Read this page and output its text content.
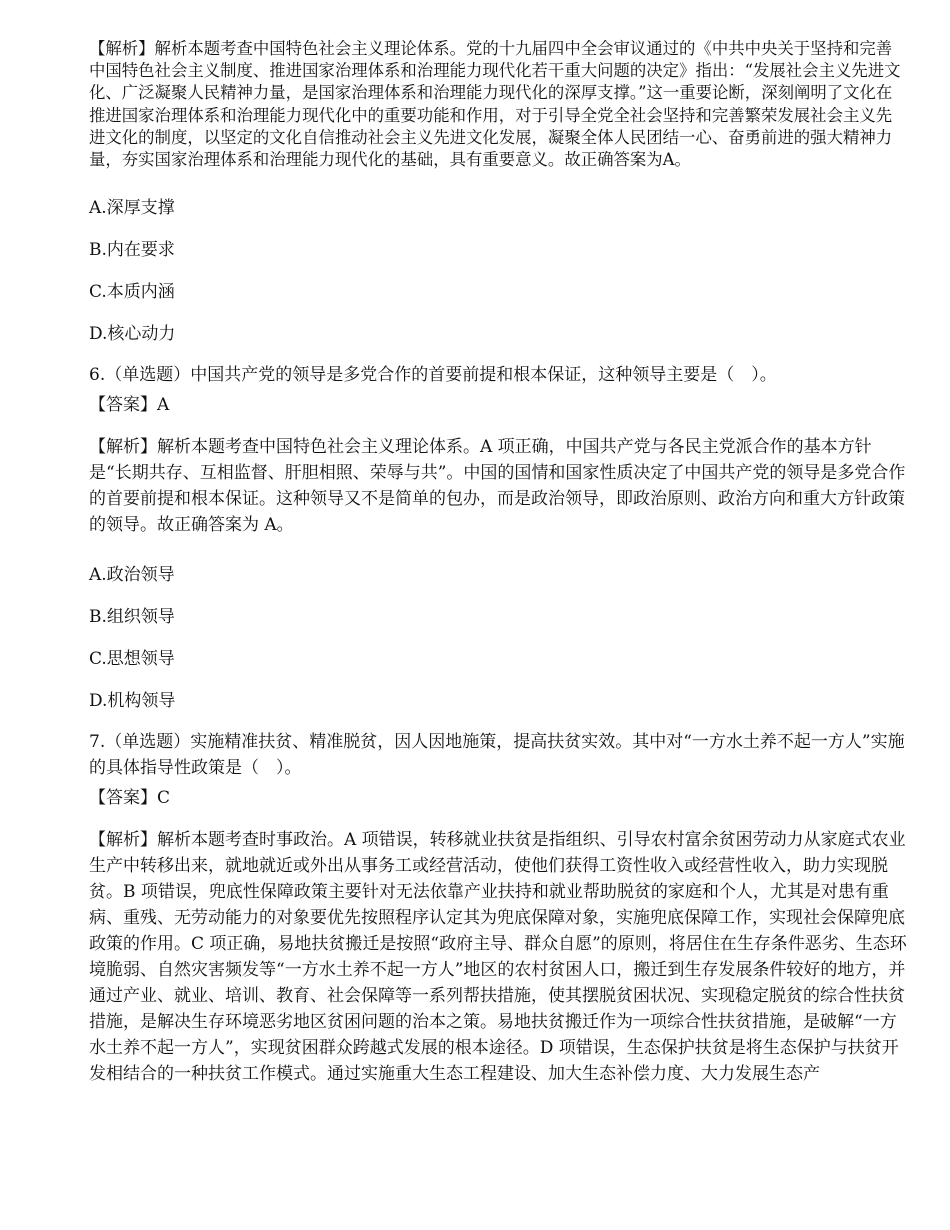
【解析】解析本题考查中国特色社会主义理论体系。党的十九届四中全会审议通过的《中共中央关于坚持和完善中国特色社会主义制度、推进国家治理体系和治理能力现代化若干重大问题的决定》指出：“发展社会主义先进文化、广泛凝聚人民精神力量，是国家治理体系和治理能力现代化的深厚支撑。”这一重要论断，深刻阐明了文化在推进国家治理体系和治理能力现代化中的重要功能和作用，对于引导全党全社会坚持和完善繁荣发展社会主义先进文化的制度，以坚定的文化自信推动社会主义先进文化发展，凝聚全体人民团结一心、奋勇前进的强大精神力量，夯实国家治理体系和治理能力现代化的基础，具有重要意义。故正确答案为A。

A.深厚支撑

B.内在要求

C.本质内涵

D.核心动力

6.（单选题）中国共产党的领导是多党合作的首要前提和根本保证，这种领导主要是（　）。

【答案】A

【解析】解析本题考查中国特色社会主义理论体系。A 项正确，中国共产党与各民主党派合作的基本方针是“长期共存、互相监督、肝胆相照、荣辱与共”。中国的国情和国家性质决定了中国共产党的领导是多党合作的首要前提和根本保证。这种领导又不是简单的包办，而是政治领导，即政治原则、政治方向和重大方针政策的领导。故正确答案为 A。

A.政治领导

B.组织领导

C.思想领导

D.机构领导

7.（单选题）实施精准扶贫、精准脱贫，因人因地施策，提高扶贫实效。其中对“一方水土养不起一方人”实施的具体指导性政策是（　）。

【答案】C

【解析】解析本题考查时事政治。A 项错误，转移就业扶贫是指组织、引导农村富余贫困劳动力从家庭式农业生产中转移出来，就地就近或外出从事务工或经营活动，使他们获得工资性收入或经营性收入，助力实现脱贫。B 项错误，兜底性保障政策主要针对无法依靠产业扶持和就业帮助脱贫的家庭和个人，尤其是对患有重病、重残、无劳动能力的对象要优先按照程序认定其为兜底保障对象，实施兜底保障工作，实现社会保障兜底政策的作用。C 项正确，易地扶贫搬迁是按照“政府主导、群众自愿”的原则，将居住在生存条件恶劣、生态环境脆弱、自然灾害频发等“一方水土养不起一方人”地区的农村贫困人口，搬迁到生存发展条件较好的地方，并通过产业、就业、培训、教育、社会保障等一系列帮扶措施，使其摆脱贫困状况、实现稳定脱贫的综合性扶贫措施，是解决生存环境恶劣地区贫困问题的治本之策。易地扶贫搬迁作为一项综合性扶贫措施，是破解“一方水土养不起一方人”，实现贫困群众跨越式发展的根本途径。D 项错误，生态保护扶贫是将生态保护与扶贫开发相结合的一种扶贫工作模式。通过实施重大生态工程建设、加大生态补偿力度、大力发展生态产
